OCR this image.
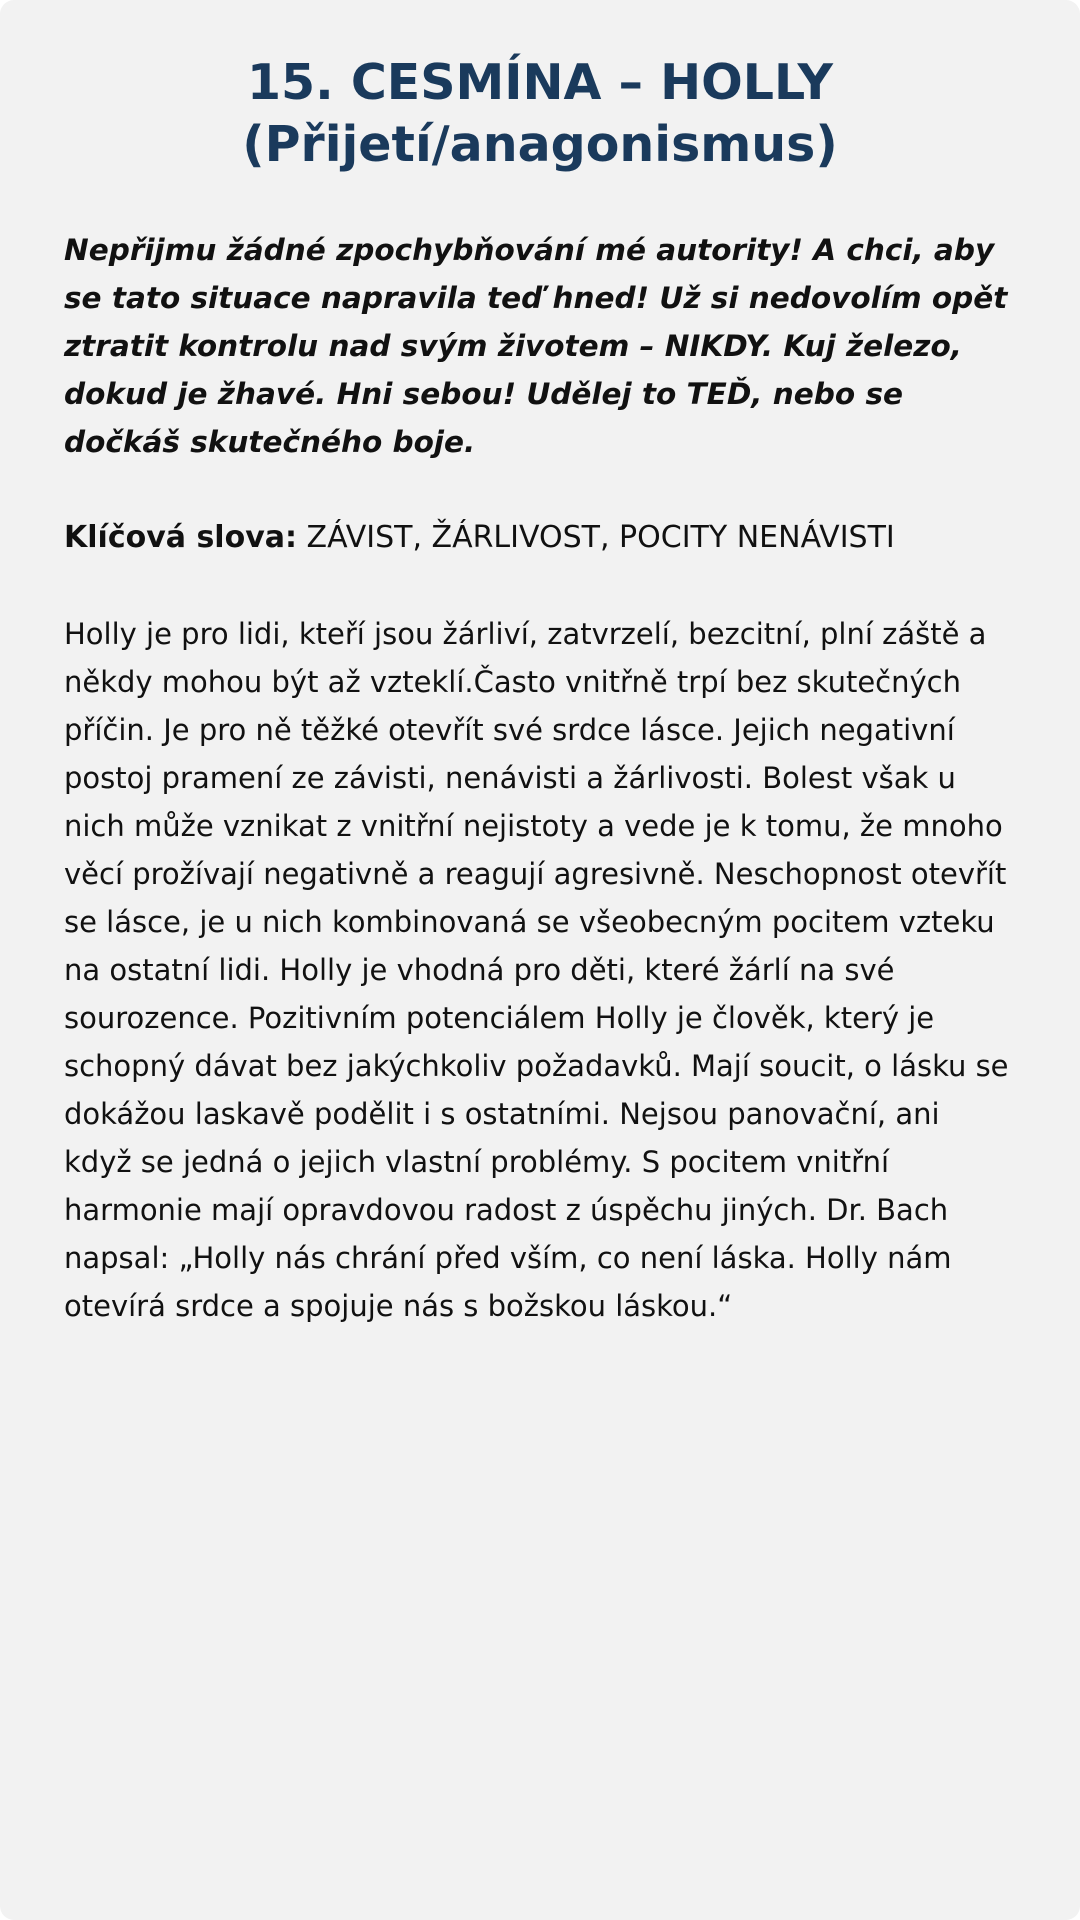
15. CESMÍNA – HOLLY
(Přijetí/anagonismus)

Nepřijmu žádné zpochybňování mé autority! A chci, aby se tato situace napravila teď hned! Už si nedovolím opět ztratit kontrolu nad svým životem – NIKDY. Kuj železo, dokud je žhavé. Hni sebou! Udělej to TEĎ, nebo se dočkáš skutečného boje.

Klíčová slova: ZÁVIST, ŽÁRLIVOST, POCITY NENÁVISTI

Holly je pro lidi, kteří jsou žárliví, zatvrzelí, bezcitní, plní záště a někdy mohou být až vzteklí.Často vnitřně trpí bez skutečných příčin. Je pro ně těžké otevřít své srdce lásce. Jejich negativní postoj pramení ze závisti, nenávisti a žárlivosti. Bolest však u nich může vznikat z vnitřní nejistoty a vede je k tomu, že mnoho věcí prožívají negativně a reagují agresivně. Neschopnost otevřít se lásce, je u nich kombinovaná se všeobecným pocitem vzteku na ostatní lidi. Holly je vhodná pro děti, které žárlí na své sourozence. Pozitivním potenciálem Holly je člověk, který je schopný dávat bez jakýchkoliv požadavků. Mají soucit, o lásku se dokážou laskavě podělit i s ostatními. Nejsou panovační, ani když se jedná o jejich vlastní problémy. S pocitem vnitřní harmonie mají opravdovou radost z úspěchu jiných. Dr. Bach napsal: „Holly nás chrání před vším, co není láska. Holly nám otevírá srdce a spojuje nás s božskou láskou.“
